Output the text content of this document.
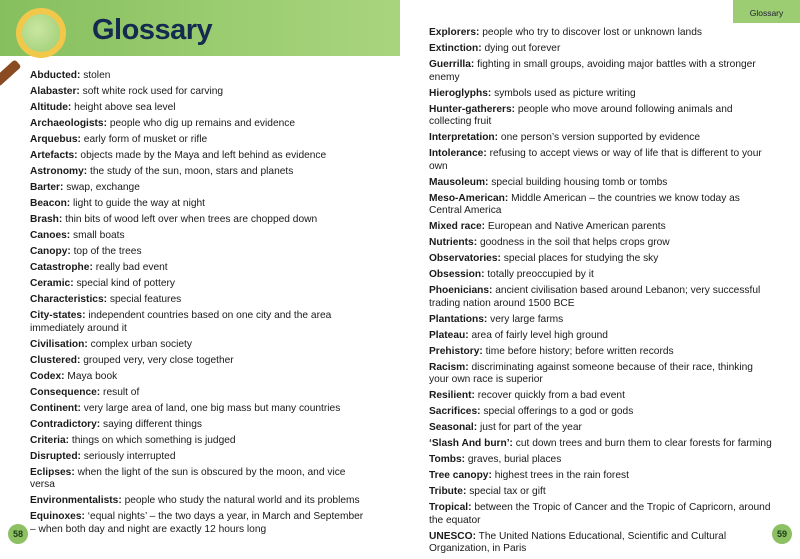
Glossary
Abducted: stolen
Alabaster: soft white rock used for carving
Altitude: height above sea level
Archaeologists: people who dig up remains and evidence
Arquebus: early form of musket or rifle
Artefacts: objects made by the Maya and left behind as evidence
Astronomy: the study of the sun, moon, stars and planets
Barter: swap, exchange
Beacon: light to guide the way at night
Brash: thin bits of wood left over when trees are chopped down
Canoes: small boats
Canopy: top of the trees
Catastrophe: really bad event
Ceramic: special kind of pottery
Characteristics: special features
City-states: independent countries based on one city and the area immediately around it
Civilisation: complex urban society
Clustered: grouped very, very close together
Codex: Maya book
Consequence: result of
Continent: very large area of land, one big mass but many countries
Contradictory: saying different things
Criteria: things on which something is judged
Disrupted: seriously interrupted
Eclipses: when the light of the sun is obscured by the moon, and vice versa
Environmentalists: people who study the natural world and its problems
Equinoxes: ‘equal nights’ – the two days a year, in March and September – when both day and night are exactly 12 hours long
58
Glossary
Explorers: people who try to discover lost or unknown lands
Extinction: dying out forever
Guerrilla: fighting in small groups, avoiding major battles with a stronger enemy
Hieroglyphs: symbols used as picture writing
Hunter-gatherers: people who move around following animals and collecting fruit
Interpretation: one person’s version supported by evidence
Intolerance: refusing to accept views or way of life that is different to your own
Mausoleum: special building housing tomb or tombs
Meso-American: Middle American – the countries we know today as Central America
Mixed race: European and Native American parents
Nutrients: goodness in the soil that helps crops grow
Observatories: special places for studying the sky
Obsession: totally preoccupied by it
Phoenicians: ancient civilisation based around Lebanon; very successful trading nation around 1500 BCE
Plantations: very large farms
Plateau: area of fairly level high ground
Prehistory: time before history; before written records
Racism: discriminating against someone because of their race, thinking your own race is superior
Resilient: recover quickly from a bad event
Sacrifices: special offerings to a god or gods
Seasonal: just for part of the year
‘Slash And burn’: cut down trees and burn them to clear forests for farming
Tombs: graves, burial places
Tree canopy: highest trees in the rain forest
Tribute: special tax or gift
Tropical: between the Tropic of Cancer and the Tropic of Capricorn, around the equator
UNESCO: The United Nations Educational, Scientific and Cultural Organization, in Paris
59
